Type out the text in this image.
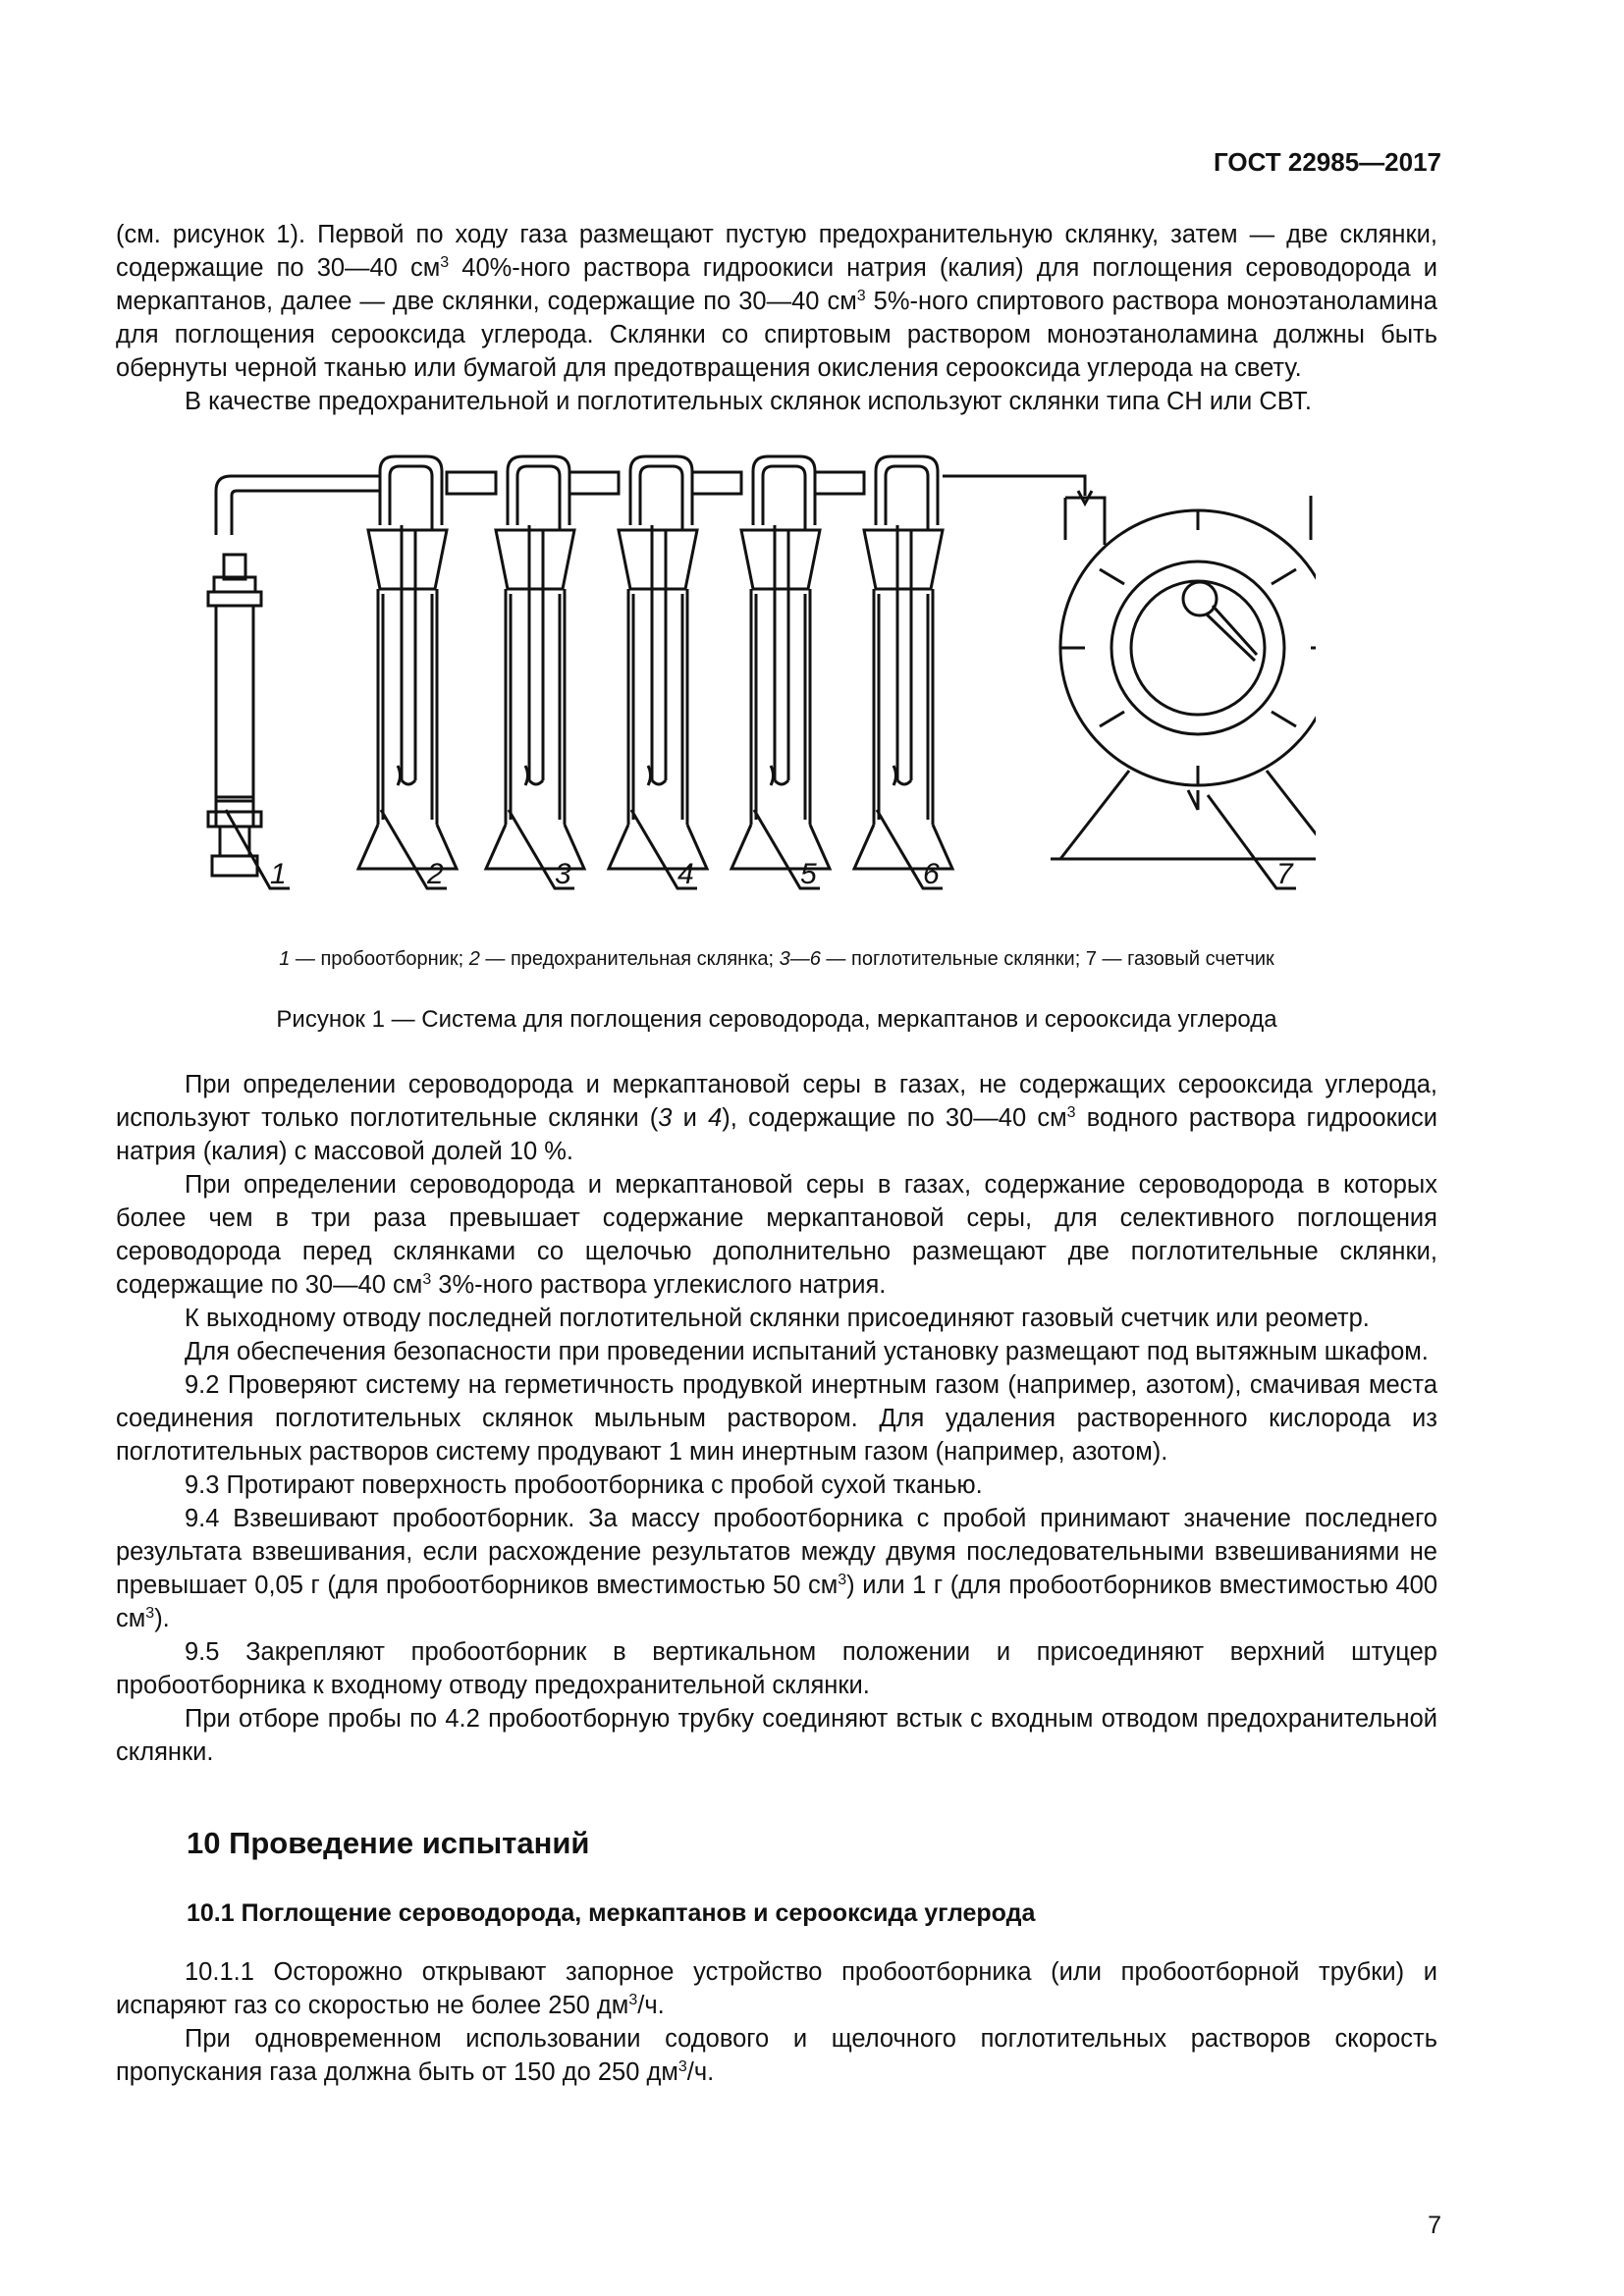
ГОСТ 22985—2017

(см. рисунок 1). Первой по ходу газа размещают пустую предохранительную склянку, затем — две склянки, содержащие по 30—40 $см^3$ 40%-ного раствора гидроокиси натрия (калия) для поглощения сероводорода и меркаптанов, далее — две склянки, содержащие по 30—40 $см^3$ 5%-ного спиртового раствора моноэтаноламина для поглощения серооксида углерода. Склянки со спиртовым раствором моноэтаноламина должны быть обернуты черной тканью или бумагой для предотвращения окисления серооксида углерода на свету.

В качестве предохранительной и поглотительных склянок используют склянки типа СН или СВТ.

1	2	3	4	5	6	7
1 — пробоотборник; 2 — предохранительная склянка; 3—6 — поглотительные склянки; 7 — газовый счетчик
Рисунок 1 — Система для поглощения сероводорода, меркаптанов и серооксида углерода

При определении сероводорода и меркаптановой серы в газах, не содержащих серооксида углерода, используют только поглотительные склянки (3 и 4), содержащие по 30—40 $см^3$ водного раствора гидроокиси натрия (калия) с массовой долей 10 %.

При определении сероводорода и меркаптановой серы в газах, содержание сероводорода в которых более чем в три раза превышает содержание меркаптановой серы, для селективного поглощения сероводорода перед склянками со щелочью дополнительно размещают две поглотительные склянки, содержащие по 30—40 $см^3$ 3%-ного раствора углекислого натрия.

К выходному отводу последней поглотительной склянки присоединяют газовый счетчик или реометр.

Для обеспечения безопасности при проведении испытаний установку размещают под вытяжным шкафом.

9.2 Проверяют систему на герметичность продувкой инертным газом (например, азотом), смачивая места соединения поглотительных склянок мыльным раствором. Для удаления растворенного кислорода из поглотительных растворов систему продувают 1 мин инертным газом (например, азотом).

9.3 Протирают поверхность пробоотборника с пробой сухой тканью.

9.4 Взвешивают пробоотборник. За массу пробоотборника с пробой принимают значение последнего результата взвешивания, если расхождение результатов между двумя последовательными взвешиваниями не превышает 0,05 г (для пробоотборников вместимостью 50 $см^3$) или 1 г (для пробоотборников вместимостью 400 $см^3$).

9.5 Закрепляют пробоотборник в вертикальном положении и присоединяют верхний штуцер пробоотборника к входному отводу предохранительной склянки.

При отборе пробы по 4.2 пробоотборную трубку соединяют встык с входным отводом предохранительной склянки.

10 Проведение испытаний
10.1 Поглощение сероводорода, меркаптанов и серооксида углерода

10.1.1 Осторожно открывают запорное устройство пробоотборника (или пробоотборной трубки) и испаряют газ со скоростью не более 250 $дм^3/ч$.

При одновременном использовании содового и щелочного поглотительных растворов скорость пропускания газа должна быть от 150 до 250 $дм^3/ч$.

7
